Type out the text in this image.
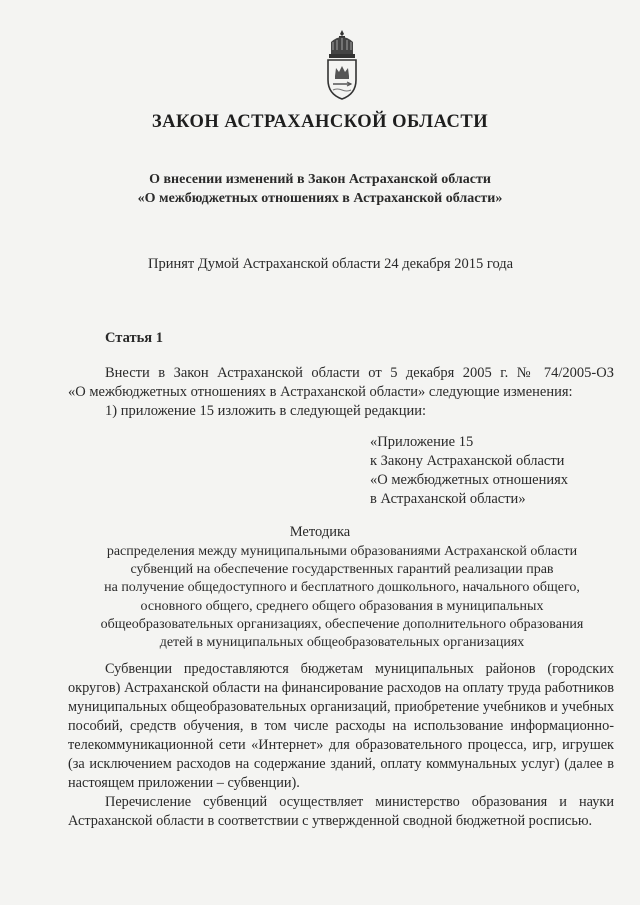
ЗАКОН АСТРАХАНСКОЙ ОБЛАСТИ
О внесении изменений в Закон Астраханской области
«О межбюджетных отношениях в Астраханской области»
Принят Думой Астраханской области 24 декабря 2015 года
Статья 1
Внести в Закон Астраханской области от 5 декабря 2005 г. № 74/2005-ОЗ
«О межбюджетных отношениях в Астраханской области» следующие изменения:
1) приложение 15 изложить в следующей редакции:
«Приложение 15
к Закону Астраханской области
«О межбюджетных отношениях
в Астраханской области»
Методика
распределения между муниципальными образованиями Астраханской области
субвенций на обеспечение государственных гарантий реализации прав
на получение общедоступного и бесплатного дошкольного, начального общего,
основного общего, среднего общего образования в муниципальных
общеобразовательных организациях, обеспечение дополнительного образования
детей в муниципальных общеобразовательных организациях
Субвенции предоставляются бюджетам муниципальных районов (городских округов) Астраханской области на финансирование расходов на оплату труда работников муниципальных общеобразовательных организаций, приобретение учебников и учебных пособий, средств обучения, в том числе расходы на использование информационно-телекоммуникационной сети «Интернет» для образовательного процесса, игр, игрушек (за исключением расходов на содержание зданий, оплату коммунальных услуг) (далее в настоящем приложении – субвенции).
Перечисление субвенций осуществляет министерство образования и науки Астраханской области в соответствии с утвержденной сводной бюджетной росписью.
